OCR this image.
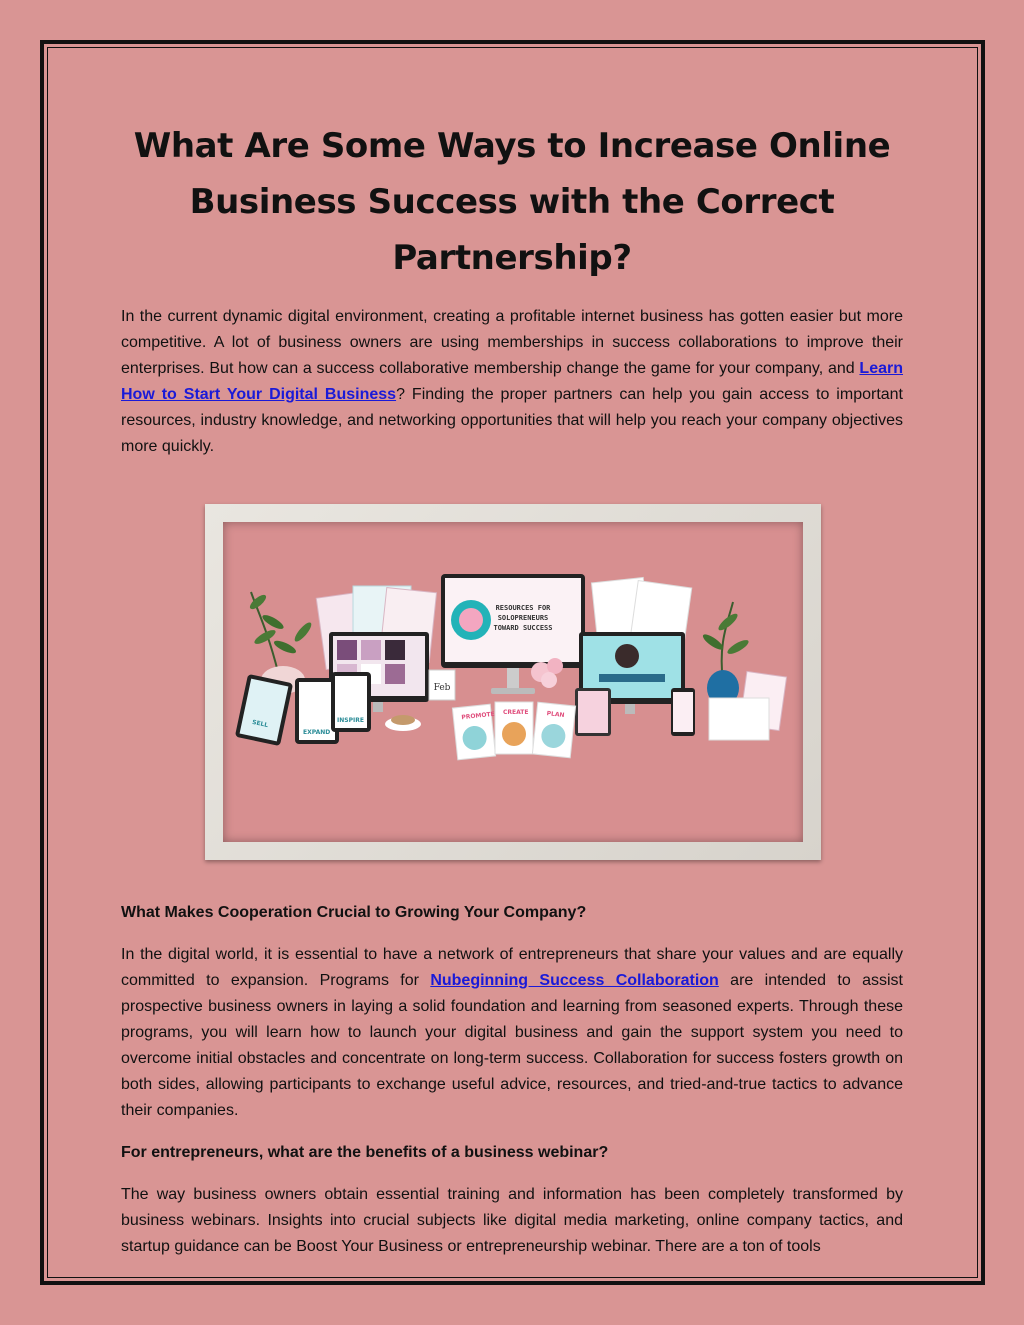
What Are Some Ways to Increase Online Business Success with the Correct Partnership?

In the current dynamic digital environment, creating a profitable internet business has gotten easier but more competitive. A lot of business owners are using memberships in success collaborations to improve their enterprises. But how can a success collaborative membership change the game for your company, and Learn How to Start Your Digital Business? Finding the proper partners can help you gain access to important resources, industry knowledge, and networking opportunities that will help you reach your company objectives more quickly.

RESOURCES FOR
SOLOPRENEURS
TOWARD SUCCESS
SELL
EXPAND
INSPIRE
Feb
PROMOTE CREATE	PLAN
What Makes Cooperation Crucial to Growing Your Company?

In the digital world, it is essential to have a network of entrepreneurs that share your values and are equally committed to expansion. Programs for Nubeginning Success Collaboration are intended to assist prospective business owners in laying a solid foundation and learning from seasoned experts. Through these programs, you will learn how to launch your digital business and gain the support system you need to overcome initial obstacles and concentrate on long-term success. Collaboration for success fosters growth on both sides, allowing participants to exchange useful advice, resources, and tried-and-true tactics to advance their companies.

For entrepreneurs, what are the benefits of a business webinar?

The way business owners obtain essential training and information has been completely transformed by business webinars. Insights into crucial subjects like digital media marketing, online company tactics, and startup guidance can be Boost Your Business or entrepreneurship webinar. There are a ton of tools
